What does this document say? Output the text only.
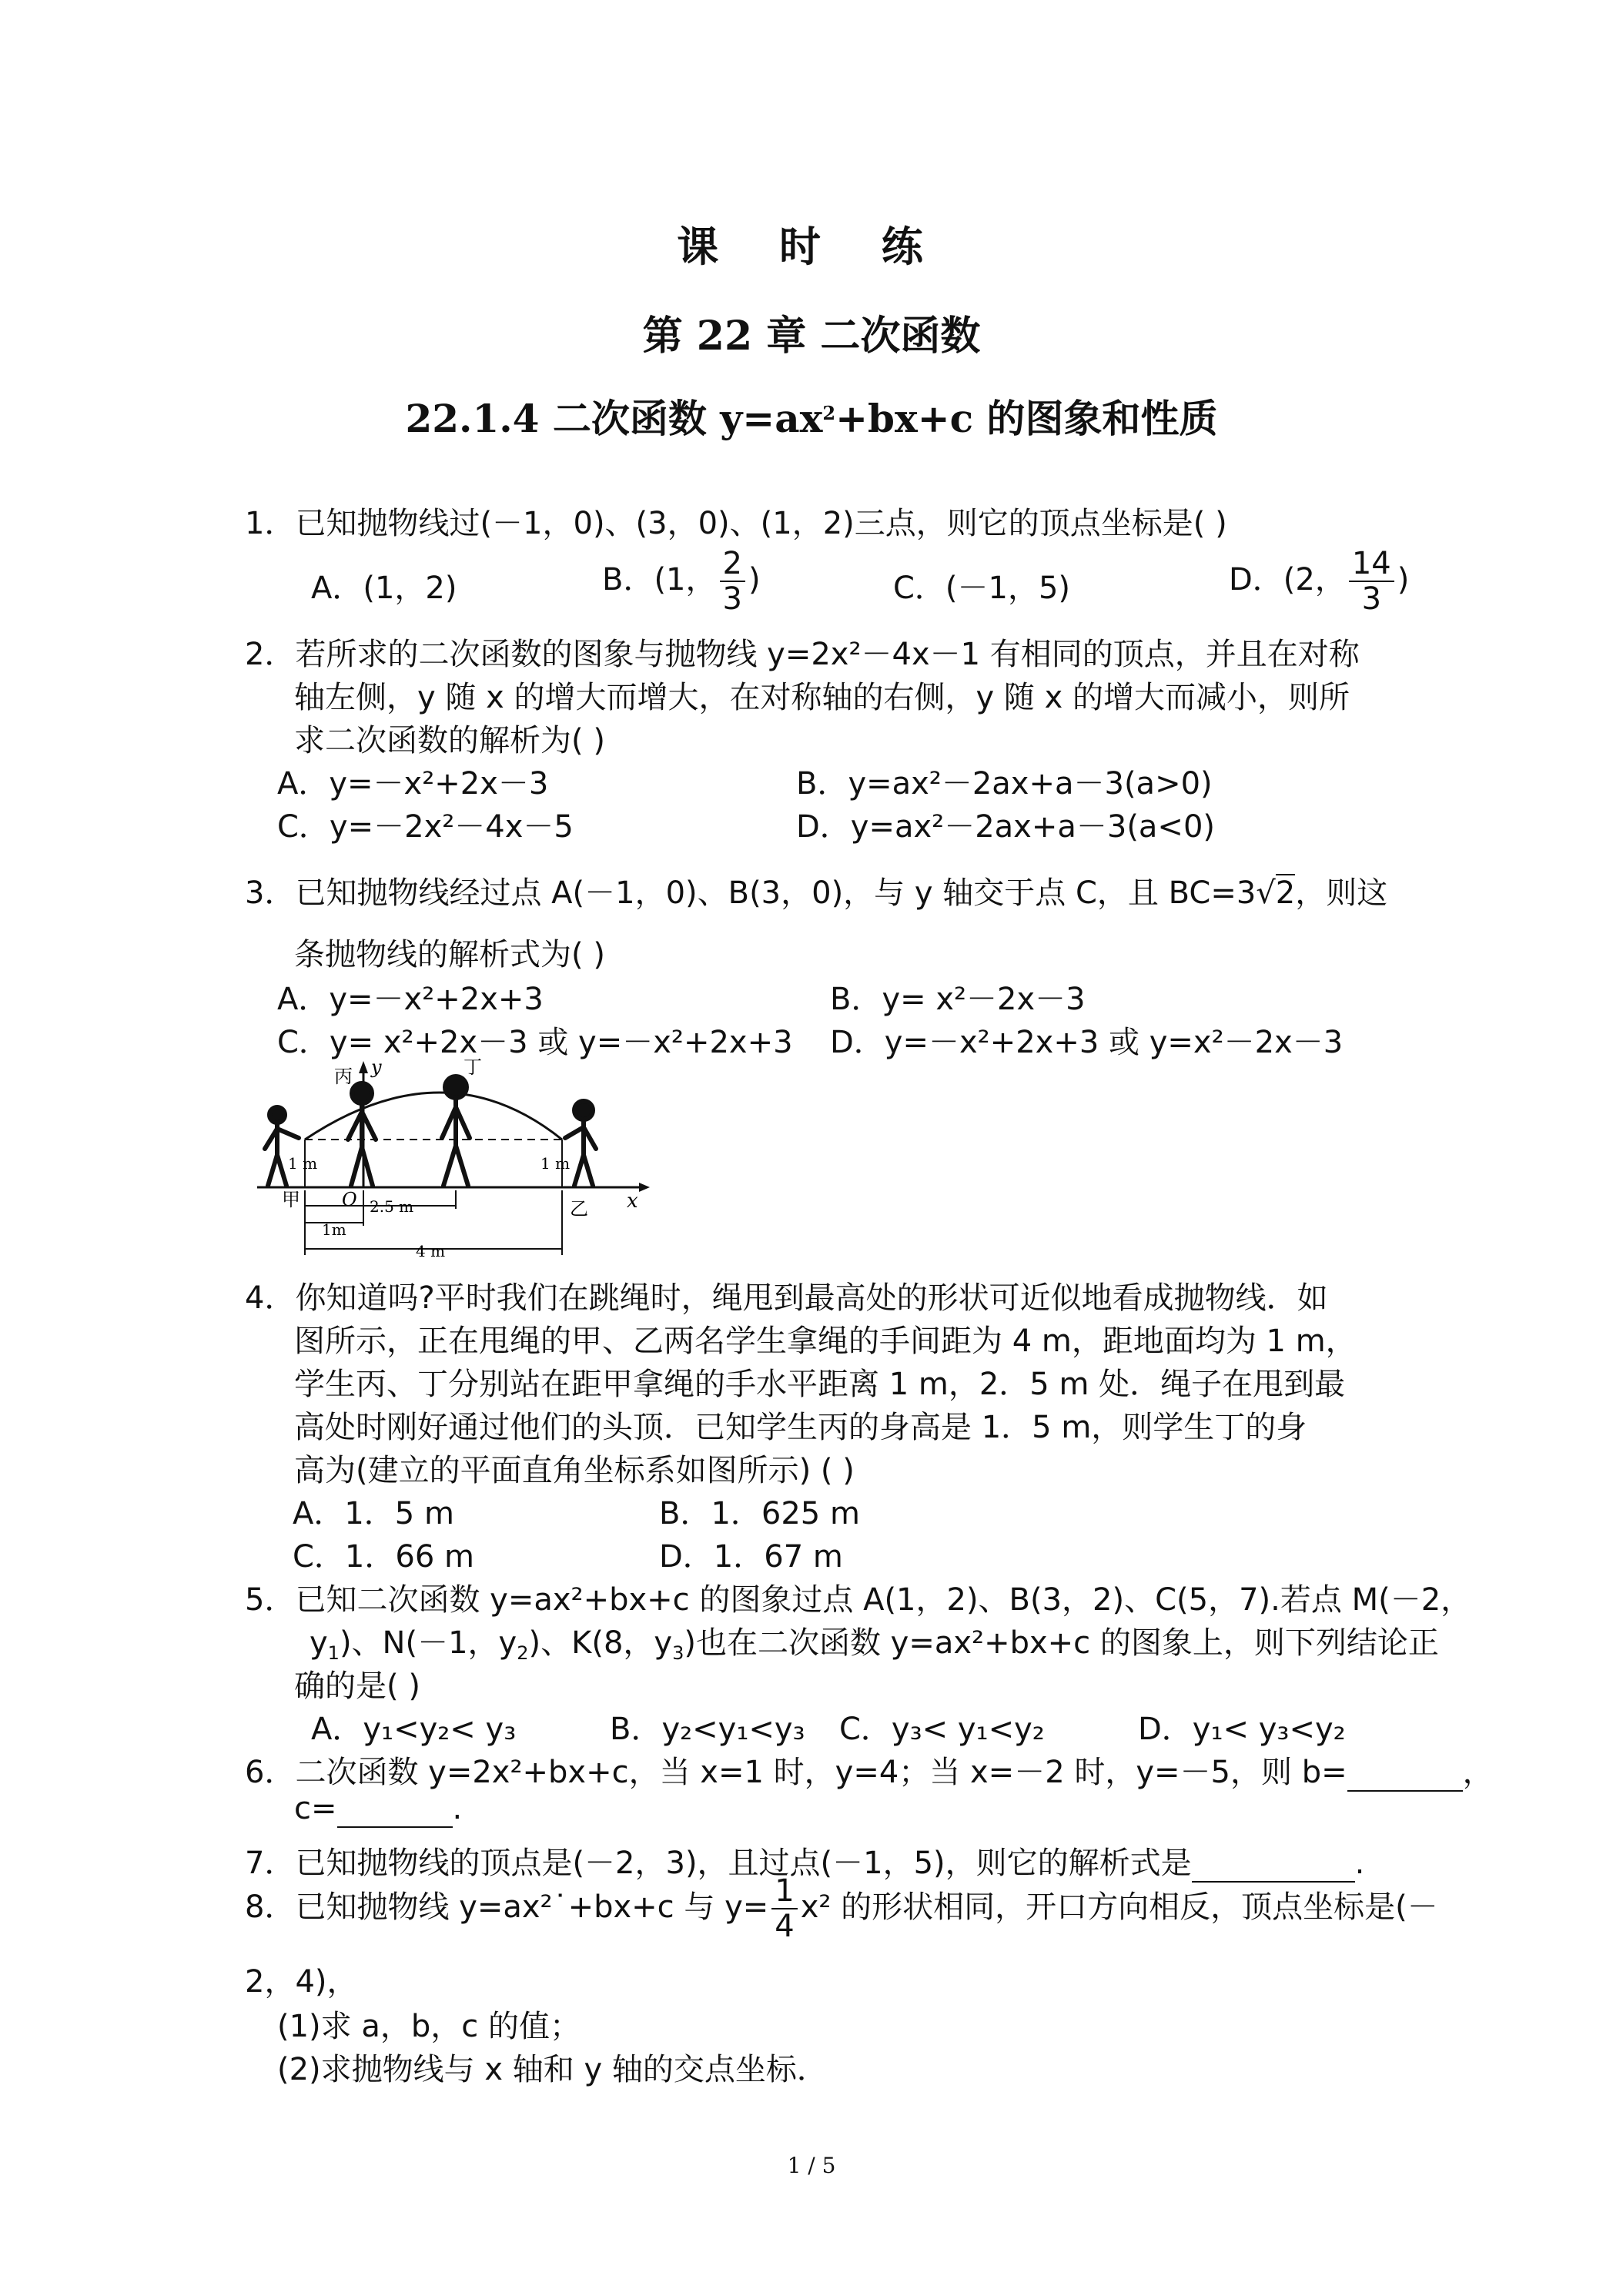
课 时 练
第 22 章 二次函数
22.1.4 二次函数 $y=ax^2+bx+c$ 的图象和性质
1．已知抛物线过(－1，0)、(3，0)、(1，2)三点，则它的顶点坐标是( )
A．(1，2)	B．(1， $\frac{2}{3}$ )	C．(－1，5)	D．(2， $\frac{14}{3}$ )
2．若所求的二次函数的图象与抛物线 y=2x²－4x－1 有相同的顶点，并且在对称
轴左侧，y 随 x 的增大而增大，在对称轴的右侧，y 随 x 的增大而减小，则所
求二次函数的解析为( )
A．y=－x²+2x－3	B．y=ax²－2ax+a－3(a>0)
C．y=－2x²－4x－5	D．y=ax²－2ax+a－3(a<0)
3．已知抛物线经过点 A(－1，0)、B(3，0)，与 y 轴交于点 C，且 BC=3√2，则这
条抛物线的解析式为( )
A．y=－x²+2x+3	B．y= x²－2x－3
C．y= x²+2x－3 或 y=－x²+2x+3 D．y=－x²+2x+3 或 y=x²－2x－3
y
x
O
丙	丁
甲	乙
1 m	1 m
1m
2.5 m
4 m
4．你知道吗?平时我们在跳绳时，绳甩到最高处的形状可近似地看成抛物线．如
图所示，正在甩绳的甲、乙两名学生拿绳的手间距为 4 m，距地面均为 1 m，
学生丙、丁分别站在距甲拿绳的手水平距离 1 m，2．5 m 处．绳子在甩到最
高处时刚好通过他们的头顶．已知学生丙的身高是 1．5 m，则学生丁的身
高为(建立的平面直角坐标系如图所示) ( )
A．1．5 m	B．1．625 m
C．1．66 m	D．1．67 m
5．已知二次函数 y=ax²+bx+c 的图象过点 A(1，2)、B(3，2)、C(5，7).若点 M(－2，
$y_1$)、N(－1，$y_2$)、K(8，$y_3$)也在二次函数 y=ax²+bx+c 的图象上，则下列结论正
确的是( )
A．y₁<y₂< y₃	B．y₂<y₁<y₃ C．y₃< y₁<y₂	D．y₁< y₃<y₂
6．二次函数 y=2x²+bx+c，当 x=1 时，y=4；当 x=－2 时，y=－5，则 b=	，
c=	.
7．已知抛物线的顶点是(－2，3)，且过点(－1，5)，则它的解析式是	.
8．已知抛物线 y=ax²˙+bx+c 与 $y= \frac{1}{4} x^2$ 的形状相同，开口方向相反，顶点坐标是(－
2，4)，
(1)求 a，b，c 的值；
(2)求抛物线与 x 轴和 y 轴的交点坐标．
1 / 5
